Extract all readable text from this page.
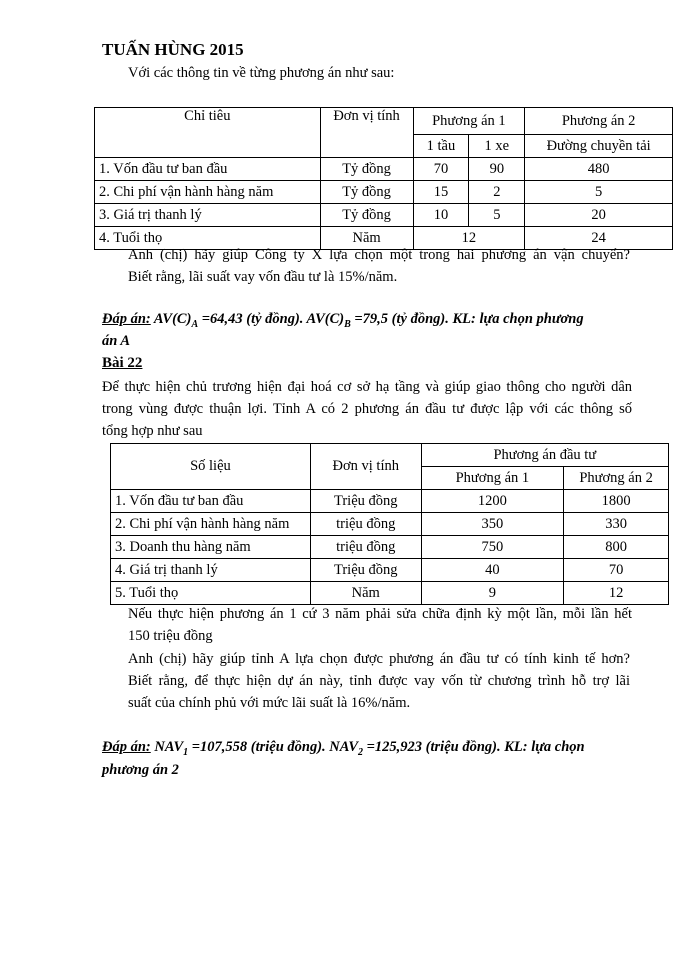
TUẤN HÙNG 2015
Với các thông tin về từng phương án như sau:
Chỉ tiêu	Đơn vị tính	Phương án 1		Phương án 2
		1 tầu	1 xe	Đường chuyền tải
1. Vốn đầu tư ban đầu	Tỷ đồng	70	90	480
2. Chi phí vận hành hàng năm	Tỷ đồng	15	2	5
3. Giá trị thanh lý	Tỷ đồng	10	5	20
4. Tuổi thọ	Năm	12		24
Anh (chị) hãy giúp Công ty X lựa chọn một trong hai phương án vận chuyển?
Biết rằng, lãi suất vay vốn đầu tư là 15%/năm.
Đáp án: $AV(C)_A =64,43$ (tỷ đồng). $AV(C)_B =79,5$ (tỷ đồng). KL: lựa chọn phương
án A
Bài 22
Để thực hiện chủ trương hiện đại hoá cơ sở hạ tầng và giúp giao thông cho người dân
trong vùng được thuận lợi. Tỉnh A có 2 phương án đầu tư được lập với các thông số
tổng hợp như sau
Số liệu	Đơn vị tính	Phương án đầu tư	
		Phương án 1	Phương án 2
1. Vốn đầu tư ban đầu	Triệu đồng	1200	1800
2. Chi phí vận hành hàng năm	triệu đồng	350	330
3. Doanh thu hàng năm	triệu đồng	750	800
4. Giá trị thanh lý	Triệu đồng	40	70
5. Tuổi thọ	Năm	9	12
Nếu thực hiện phương án 1 cứ 3 năm phải sửa chữa định kỳ một lần, mỗi lần hết
150 triệu đồng
Anh (chị) hãy giúp tỉnh A lựa chọn được phương án đầu tư có tính kinh tế hơn?
Biết rằng, để thực hiện dự án này, tỉnh được vay vốn từ chương trình hỗ trợ lãi
suất của chính phủ với mức lãi suất là 16%/năm.
Đáp án: $NAV_1 =107,558$ (triệu đồng). $NAV_2 =125,923$ (triệu đồng). KL: lựa chọn
phương án 2
